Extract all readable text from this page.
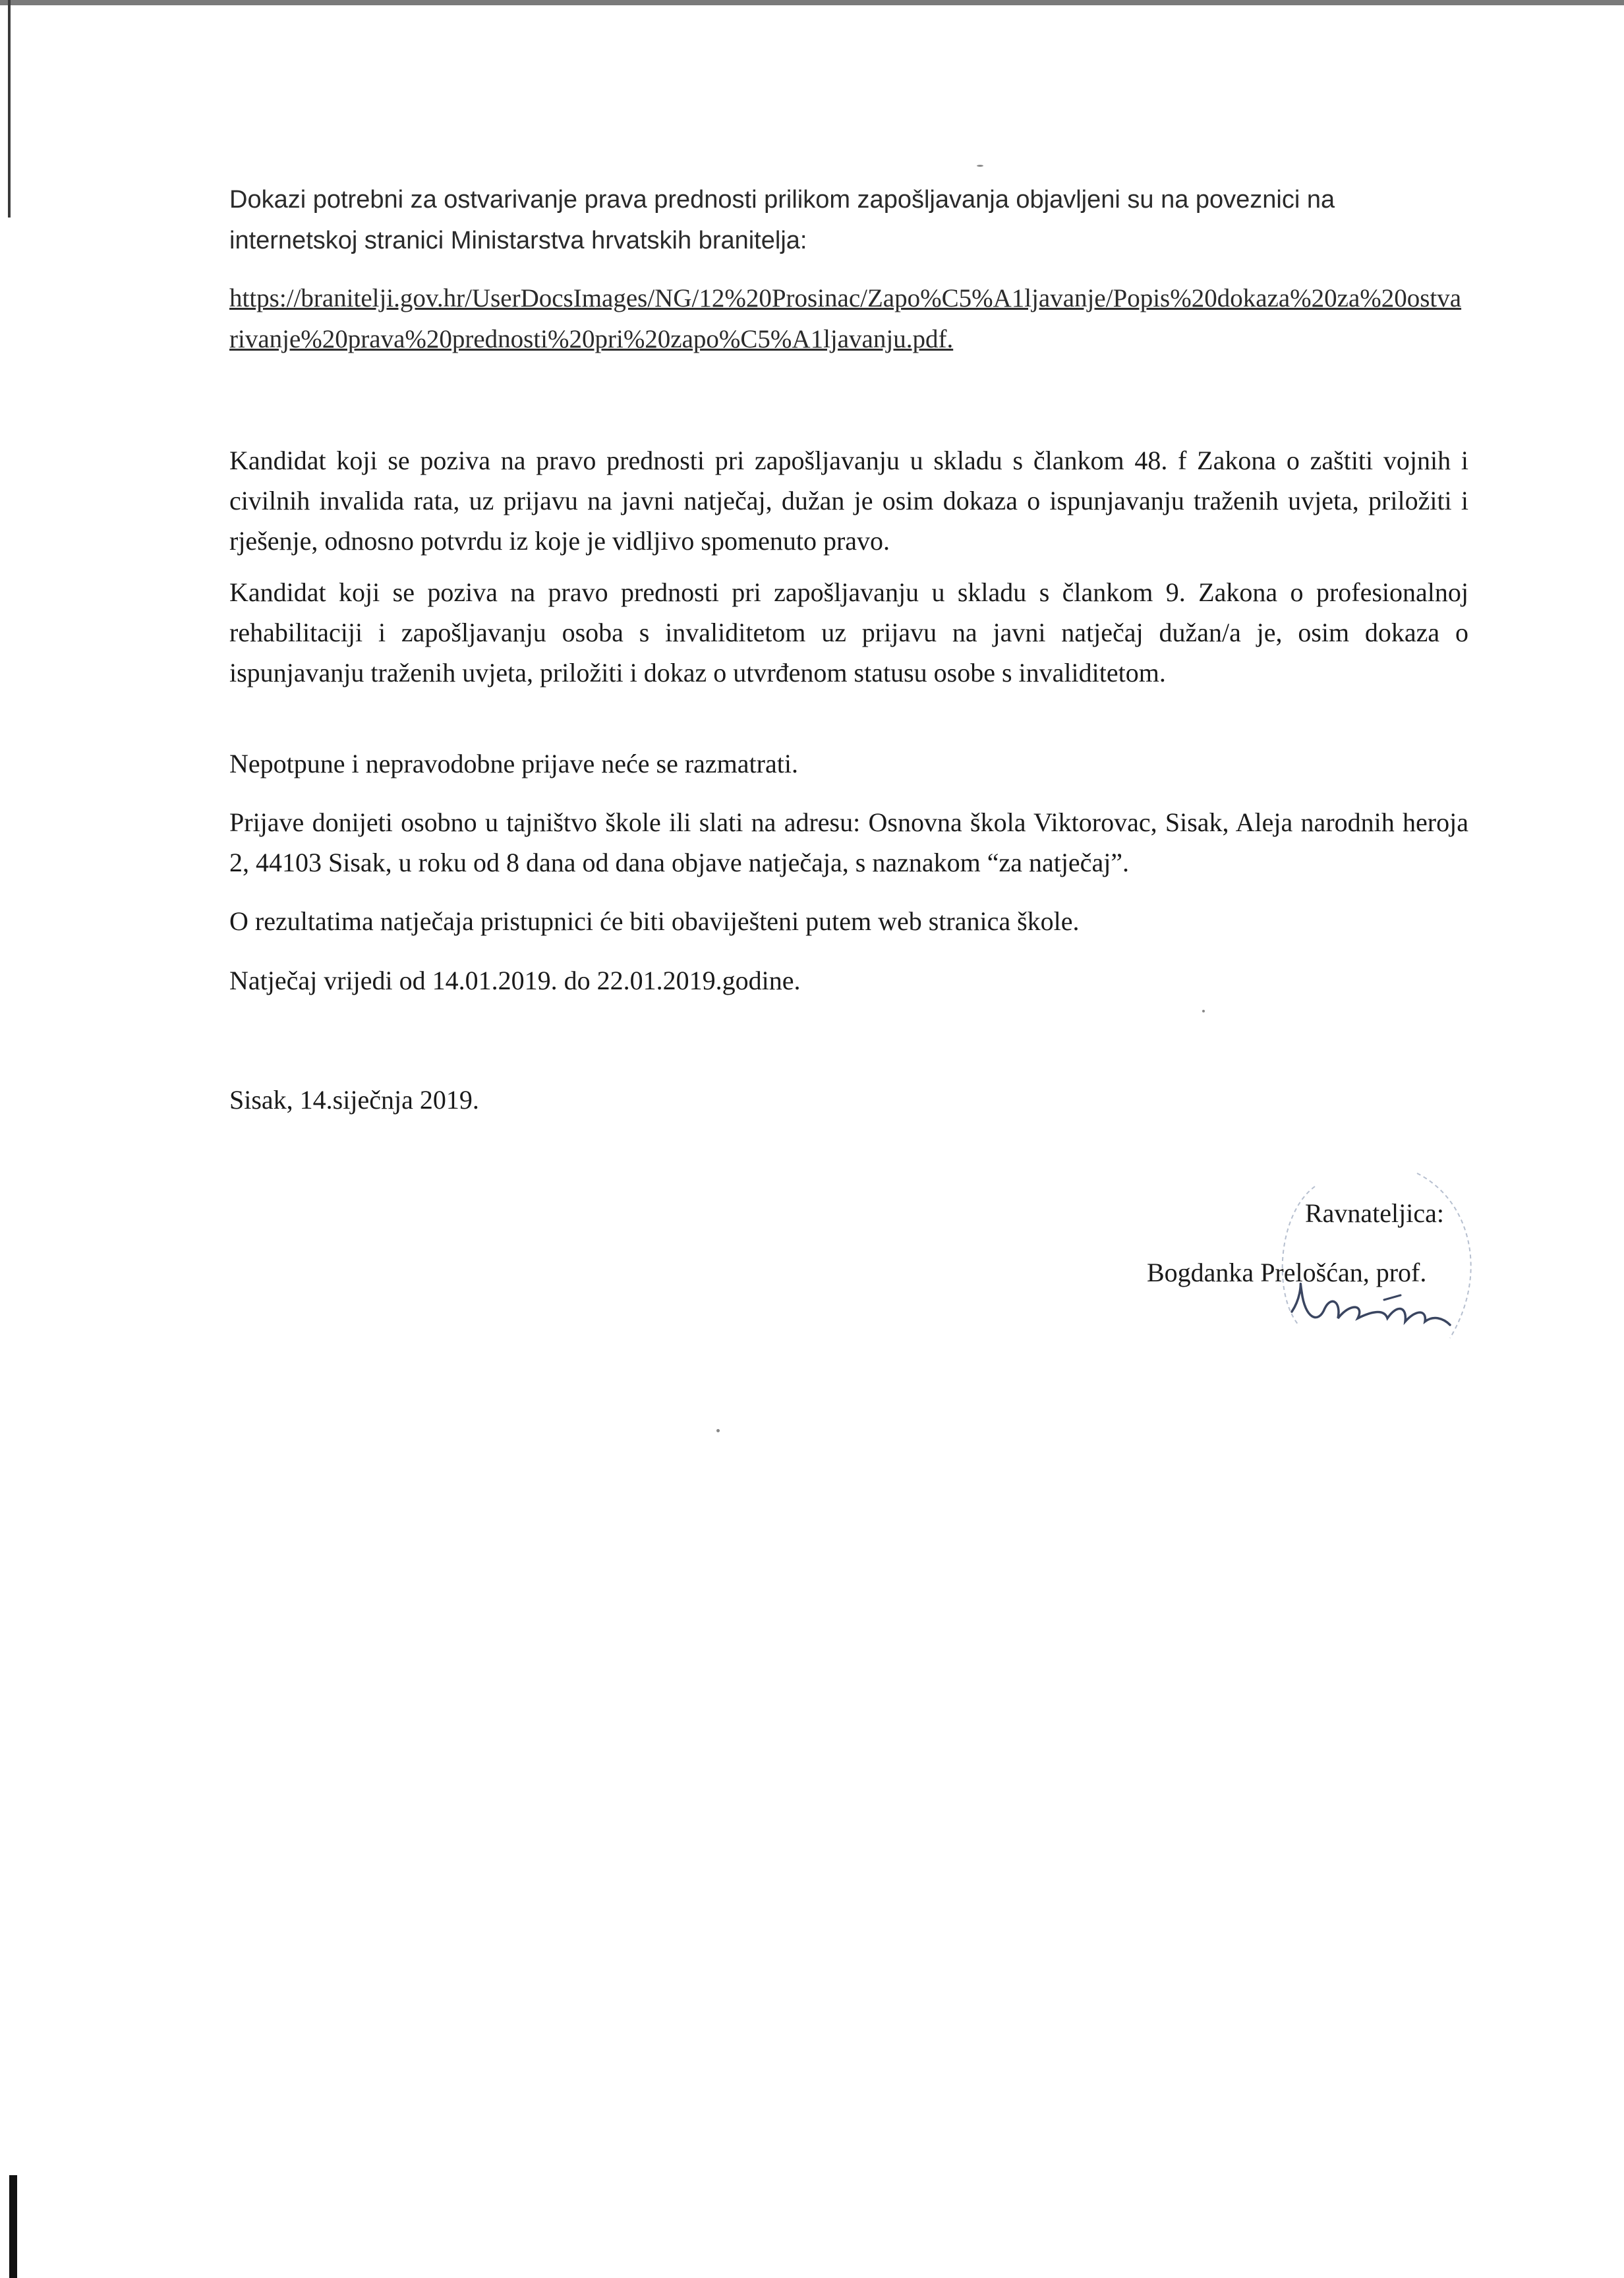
Dokazi potrebni za ostvarivanje prava prednosti prilikom zapošljavanja objavljeni su na poveznici na internetskoj stranici Ministarstva hrvatskih branitelja:

https://branitelji.gov.hr/UserDocsImages/NG/12%20Prosinac/Zapo%C5%A1ljavanje/Popis%20dokaza%20za%20ostvarivanje%20prava%20prednosti%20pri%20zapo%C5%A1ljavanju.pdf.

Kandidat koji se poziva na pravo prednosti pri zapošljavanju u skladu s člankom 48. f Zakona o zaštiti vojnih i civilnih invalida rata, uz prijavu na javni natječaj, dužan je osim dokaza o ispunjavanju traženih uvjeta, priložiti i rješenje, odnosno potvrdu iz koje je vidljivo spomenuto pravo.

Kandidat koji se poziva na pravo prednosti pri zapošljavanju u skladu s člankom 9. Zakona o profesionalnoj rehabilitaciji i zapošljavanju osoba s invaliditetom uz prijavu na javni natječaj dužan/a je, osim dokaza o ispunjavanju traženih uvjeta, priložiti i dokaz o utvrđenom statusu osobe s invaliditetom.

Nepotpune i nepravodobne prijave neće se razmatrati.

Prijave donijeti osobno u tajništvo škole ili slati na adresu: Osnovna škola Viktorovac, Sisak, Aleja narodnih heroja 2, 44103 Sisak, u roku od 8 dana od dana objave natječaja, s naznakom “za natječaj”.

O rezultatima natječaja pristupnici će biti obaviješteni putem web stranica škole.

Natječaj vrijedi od 14.01.2019. do 22.01.2019.godine.

Sisak, 14.siječnja 2019.

Ravnateljica:

Bogdanka Prelošćan, prof.
